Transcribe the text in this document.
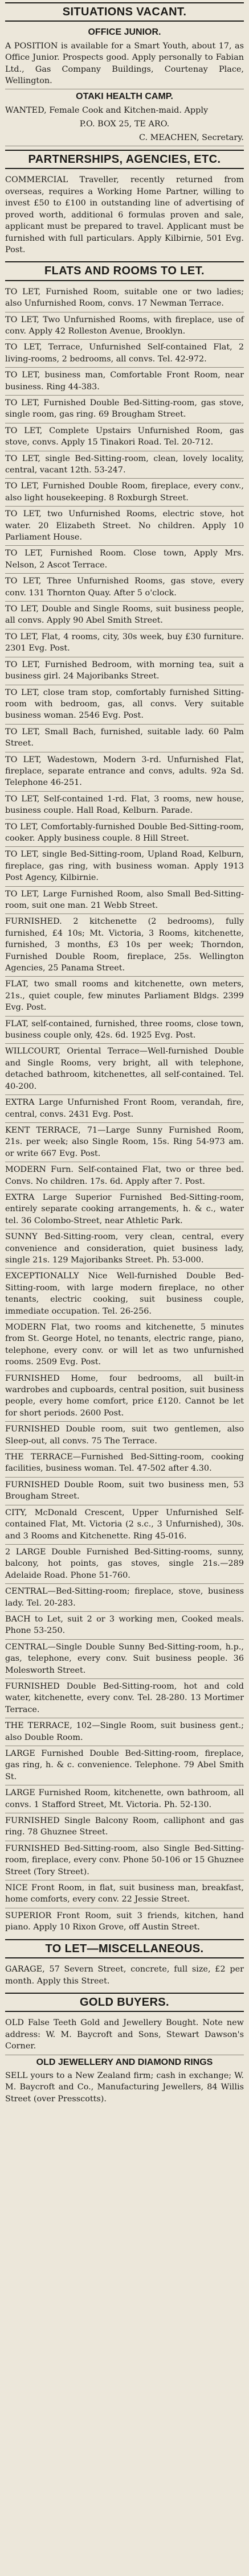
SITUATIONS VACANT.

OFFICE JUNIOR.

A POSITION is available for a Smart Youth, about 17, as Office Junior. Prospects good. Apply personally to Fabian Ltd., Gas Company Buildings, Courtenay Place, Wellington.

OTAKI HEALTH CAMP.

WANTED, Female Cook and Kitchen-maid. Apply

P.O. BOX 25, TE ARO.

C. MEACHEN, Secretary.

PARTNERSHIPS, AGENCIES, ETC.

COMMERCIAL Traveller, recently returned from overseas, requires a Working Home Partner, willing to invest £50 to £100 in outstanding line of advertising of proved worth, additional 6 formulas proven and sale, applicant must be prepared to travel. Applicant must be furnished with full particulars. Apply Kilbirnie, 501 Evg. Post.

FLATS AND ROOMS TO LET.

TO LET, Furnished Room, suitable one or two ladies; also Unfurnished Room, convs. 17 Newman Terrace.

TO LET, Two Unfurnished Rooms, with fireplace, use of conv. Apply 42 Rolleston Avenue, Brooklyn.

TO LET, Terrace, Unfurnished Self-contained Flat, 2 living-rooms, 2 bedrooms, all convs. Tel. 42-972.

TO LET, business man, Comfortable Front Room, near business. Ring 44-383.

TO LET, Furnished Double Bed-Sitting-room, gas stove, single room, gas ring. 69 Brougham Street.

TO LET, Complete Upstairs Unfurnished Room, gas stove, convs. Apply 15 Tinakori Road. Tel. 20-712.

TO LET, single Bed-Sitting-room, clean, lovely locality, central, vacant 12th. 53-247.

TO LET, Furnished Double Room, fireplace, every conv., also light housekeeping. 8 Roxburgh Street.

TO LET, two Unfurnished Rooms, electric stove, hot water. 20 Elizabeth Street. No children. Apply 10 Parliament House.

TO LET, Furnished Room. Close town, Apply Mrs. Nelson, 2 Ascot Terrace.

TO LET, Three Unfurnished Rooms, gas stove, every conv. 131 Thornton Quay. After 5 o'clock.

TO LET, Double and Single Rooms, suit business people, all convs. Apply 90 Abel Smith Street.

TO LET, Flat, 4 rooms, city, 30s week, buy £30 furniture. 2301 Evg. Post.

TO LET, Furnished Bedroom, with morning tea, suit a business girl. 24 Majoribanks Street.

TO LET, close tram stop, comfortably furnished Sitting-room with bedroom, gas, all convs. Very suitable business woman. 2546 Evg. Post.

TO LET, Small Bach, furnished, suitable lady. 60 Palm Street.

TO LET, Wadestown, Modern 3-rd. Unfurnished Flat, fireplace, separate entrance and convs, adults. 92a Sd. Telephone 46-251.

TO LET, Self-contained 1-rd. Flat, 3 rooms, new house, business couple. Hall Road, Kelburn. Parade.

TO LET, Comfortably-furnished Double Bed-Sitting-room, cooker. Apply business couple. 8 Hill Street.

TO LET, single Bed-Sitting-room, Upland Road, Kelburn, fireplace, gas ring, with business woman. Apply 1913 Post Agency, Kilbirnie.

TO LET, Large Furnished Room, also Small Bed-Sitting-room, suit one man. 21 Webb Street.

FURNISHED. 2 kitchenette (2 bedrooms), fully furnished, £4 10s; Mt. Victoria, 3 Rooms, kitchenette, furnished, 3 months, £3 10s per week; Thorndon, Furnished Double Room, fireplace, 25s. Wellington Agencies, 25 Panama Street.

FLAT, two small rooms and kitchenette, own meters, 21s., quiet couple, few minutes Parliament Bldgs. 2399 Evg. Post.

FLAT, self-contained, furnished, three rooms, close town, business couple only, 42s. 6d. 1925 Evg. Post.

WILLCOURT, Oriental Terrace—Well-furnished Double and Single Rooms, very bright, all with telephone, detached bathroom, kitchenettes, all self-contained. Tel. 40-200.

EXTRA Large Unfurnished Front Room, verandah, fire, central, convs. 2431 Evg. Post.

KENT TERRACE, 71—Large Sunny Furnished Room, 21s. per week; also Single Room, 15s. Ring 54-973 am. or write 667 Evg. Post.

MODERN Furn. Self-contained Flat, two or three bed. Convs. No children. 17s. 6d. Apply after 7. Post.

EXTRA Large Superior Furnished Bed-Sitting-room, entirely separate cooking arrangements, h. & c., water tel. 36 Colombo-Street, near Athletic Park.

SUNNY Bed-Sitting-room, very clean, central, every convenience and consideration, quiet business lady, single 21s. 129 Majoribanks Street. Ph. 53-000.

EXCEPTIONALLY Nice Well-furnished Double Bed-Sitting-room, with large modern fireplace, no other tenants, electric cooking, suit business couple, immediate occupation. Tel. 26-256.

MODERN Flat, two rooms and kitchenette, 5 minutes from St. George Hotel, no tenants, electric range, piano, telephone, every conv. or will let as two unfurnished rooms. 2509 Evg. Post.

FURNISHED Home, four bedrooms, all built-in wardrobes and cupboards, central position, suit business people, every home comfort, price £120. Cannot be let for short periods. 2600 Post.

FURNISHED Double room, suit two gentlemen, also Sleep-out, all convs. 75 The Terrace.

THE TERRACE—Furnished Bed-Sitting-room, cooking facilities, business woman. Tel. 47-502 after 4.30.

FURNISHED Double Room, suit two business men, 53 Brougham Street.

CITY, McDonald Crescent, Upper Unfurnished Self-contained Flat, Mt. Victoria (2 s.c., 3 Unfurnished), 30s. and 3 Rooms and Kitchenette. Ring 45-016.

2 LARGE Double Furnished Bed-Sitting-rooms, sunny, balcony, hot points, gas stoves, single 21s.—289 Adelaide Road. Phone 51-760.

CENTRAL—Bed-Sitting-room; fireplace, stove, business lady. Tel. 20-283.

BACH to Let, suit 2 or 3 working men, Cooked meals. Phone 53-250.

CENTRAL—Single Double Sunny Bed-Sitting-room, h.p., gas, telephone, every conv. Suit business people. 36 Molesworth Street.

FURNISHED Double Bed-Sitting-room, hot and cold water, kitchenette, every conv. Tel. 28-280. 13 Mortimer Terrace.

THE TERRACE, 102—Single Room, suit business gent.; also Double Room.

LARGE Furnished Double Bed-Sitting-room, fireplace, gas ring, h. & c. convenience. Telephone. 79 Abel Smith St.

LARGE Furnished Room, kitchenette, own bathroom, all convs. 1 Stafford Street, Mt. Victoria. Ph. 52-130.

FURNISHED Single Balcony Room, calliphont and gas ring. 78 Ghuznee Street.

FURNISHED Bed-Sitting-room, also Single Bed-Sitting-room, fireplace, every conv. Phone 50-106 or 15 Ghuznee Street (Tory Street).

NICE Front Room, in flat, suit business man, breakfast, home comforts, every conv. 22 Jessie Street.

SUPERIOR Front Room, suit 3 friends, kitchen, hand piano. Apply 10 Rixon Grove, off Austin Street.

TO LET—MISCELLANEOUS.

GARAGE, 57 Severn Street, concrete, full size, £2 per month. Apply this Street.

GOLD BUYERS.

OLD False Teeth Gold and Jewellery Bought. Note new address: W. M. Baycroft and Sons, Stewart Dawson's Corner.

OLD JEWELLERY AND DIAMOND RINGS

SELL yours to a New Zealand firm; cash in exchange; W. M. Baycroft and Co., Manufacturing Jewellers, 84 Willis Street (over Presscotts).
